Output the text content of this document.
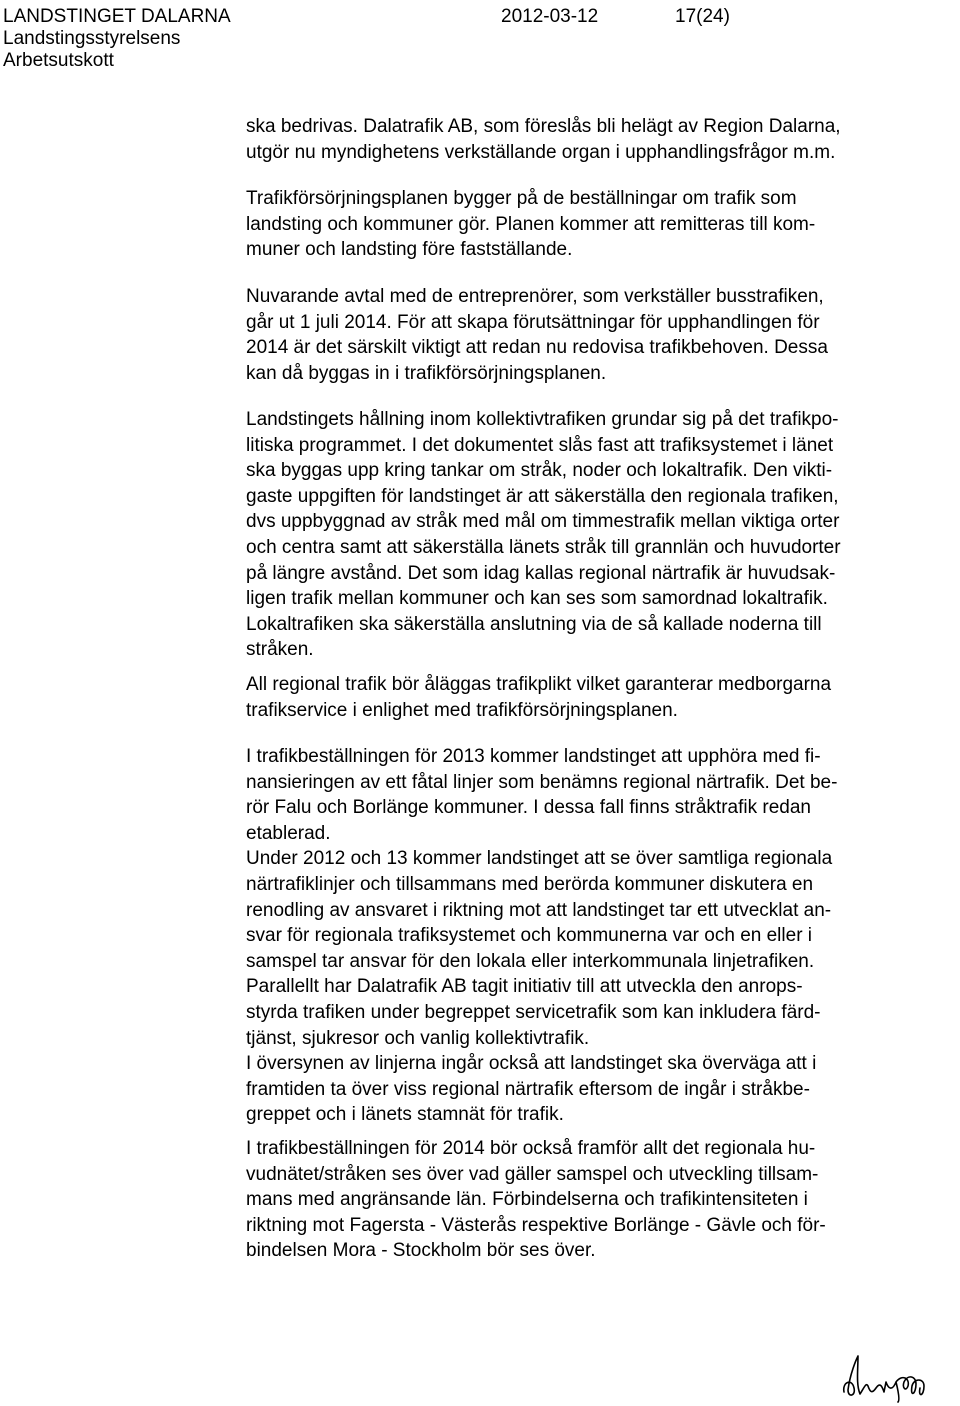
LANDSTINGET DALARNA	2012-03-12	17(24)
Landstingsstyrelsens
Arbetsutskott
ska bedrivas. Dalatrafik AB, som föreslås bli helägt av Region Dalarna,
utgör nu myndighetens verkställande organ i upphandlingsfrågor m.m.
Trafikförsörjningsplanen bygger på de beställningar om trafik som
landsting och kommuner gör. Planen kommer att remitteras till kom-
muner och landsting före fastställande.
Nuvarande avtal med de entreprenörer, som verkställer busstrafiken,
går ut 1 juli 2014. För att skapa förutsättningar för upphandlingen för
2014 är det särskilt viktigt att redan nu redovisa trafikbehoven. Dessa
kan då byggas in i trafikförsörjningsplanen.
Landstingets hållning inom kollektivtrafiken grundar sig på det trafikpo-
litiska programmet. I det dokumentet slås fast att trafiksystemet i länet
ska byggas upp kring tankar om stråk, noder och lokaltrafik. Den vikti-
gaste uppgiften för landstinget är att säkerställa den regionala trafiken,
dvs uppbyggnad av stråk med mål om timmestrafik mellan viktiga orter
och centra samt att säkerställa länets stråk till grannlän och huvudorter
på längre avstånd. Det som idag kallas regional närtrafik är huvudsak-
ligen trafik mellan kommuner och kan ses som samordnad lokaltrafik.
Lokaltrafiken ska säkerställa anslutning via de så kallade noderna till
stråken.
All regional trafik bör åläggas trafikplikt vilket garanterar medborgarna
trafikservice i enlighet med trafikförsörjningsplanen.
I trafikbeställningen för 2013 kommer landstinget att upphöra med fi-
nansieringen av ett fåtal linjer som benämns regional närtrafik. Det be-
rör Falu och Borlänge kommuner. I dessa fall finns stråktrafik redan
etablerad.
Under 2012 och 13 kommer landstinget att se över samtliga regionala
närtrafiklinjer och tillsammans med berörda kommuner diskutera en
renodling av ansvaret i riktning mot att landstinget tar ett utvecklat an-
svar för regionala trafiksystemet och kommunerna var och en eller i
samspel tar ansvar för den lokala eller interkommunala linjetrafiken.
Parallellt har Dalatrafik AB tagit initiativ till att utveckla den anrops-
styrda trafiken under begreppet servicetrafik som kan inkludera färd-
tjänst, sjukresor och vanlig kollektivtrafik.
I översynen av linjerna ingår också att landstinget ska överväga att i
framtiden ta över viss regional närtrafik eftersom de ingår i stråkbe-
greppet och i länets stamnät för trafik.
I trafikbeställningen för 2014 bör också framför allt det regionala hu-
vudnätet/stråken ses över vad gäller samspel och utveckling tillsam-
mans med angränsande län. Förbindelserna och trafikintensiteten i
riktning mot Fagersta - Västerås respektive Borlänge - Gävle och för-
bindelsen Mora - Stockholm bör ses över.
